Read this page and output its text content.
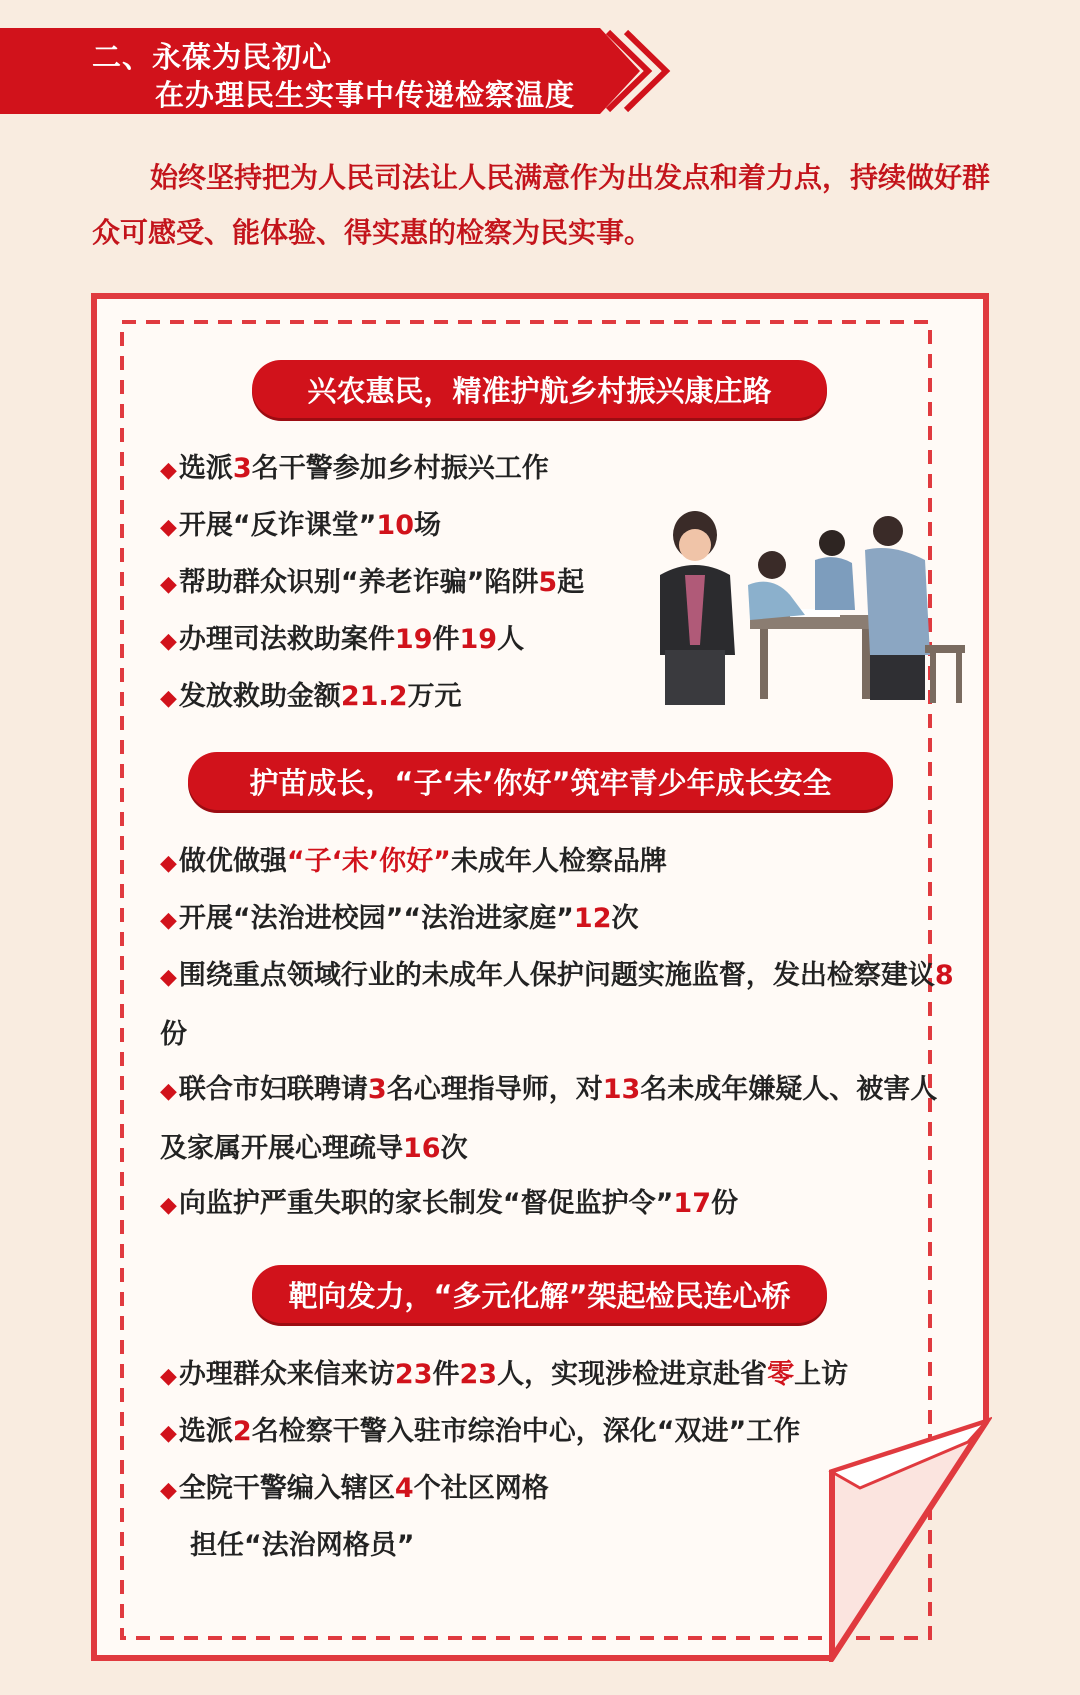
二、永葆为民初心
在办理民生实事中传递检察温度
始终坚持把为人民司法让人民满意作为出发点和着力点，持续做好群众可感受、能体验、得实惠的检察为民实事。
兴农惠民，精准护航乡村振兴康庄路
◆选派3名干警参加乡村振兴工作
◆开展“反诈课堂”10场
◆帮助群众识别“养老诈骗”陷阱5起
◆办理司法救助案件19件19人
◆发放救助金额21.2万元
护苗成长，“子‘未’你好”筑牢青少年成长安全
◆做优做强“子‘未’你好”未成年人检察品牌
◆开展“法治进校园”“法治进家庭”12次
◆围绕重点领域行业的未成年人保护问题实施监督，发出检察建议8份
◆联合市妇联聘请3名心理指导师，对13名未成年嫌疑人、被害人及家属开展心理疏导16次
◆向监护严重失职的家长制发“督促监护令”17份
靶向发力，“多元化解”架起检民连心桥
◆办理群众来信来访23件23人，实现涉检进京赴省零上访
◆选派2名检察干警入驻市综治中心，深化“双进”工作
◆全院干警编入辖区4个社区网格
担任“法治网格员”
